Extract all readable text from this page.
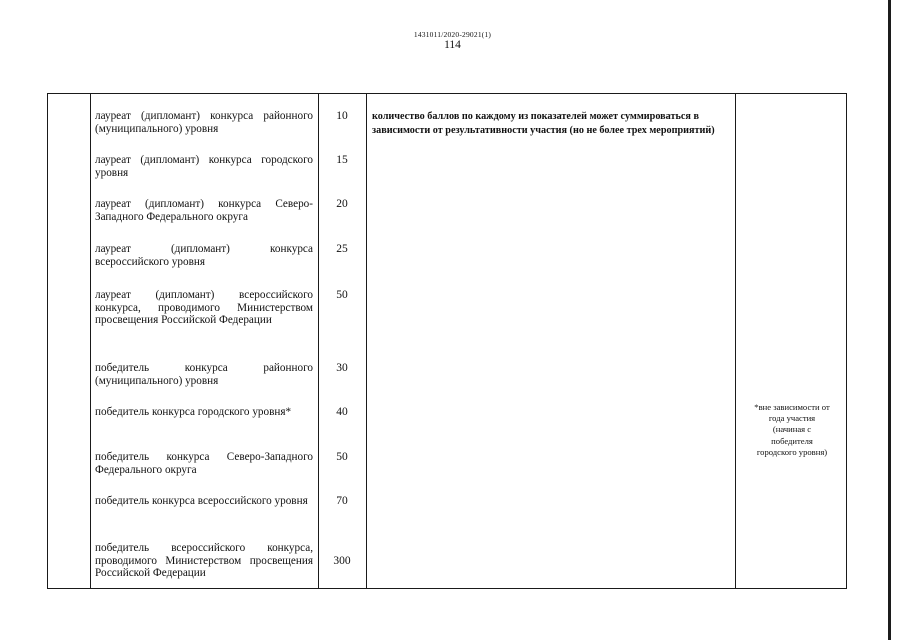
1431011/2020-29021(1)
114
лауреат (дипломант) конкурса районного (муниципального) уровня
10
лауреат (дипломант) конкурса городского уровня
15
лауреат (дипломант) конкурса Северо-Западного Федерального округа
20
лауреат (дипломант) конкурса всероссийского уровня
25
лауреат (дипломант) всероссийского конкурса, проводимого Министерством просвещения Российской Федерации
50
победитель конкурса районного (муниципального) уровня
30
победитель конкурса городского уровня*	40
победитель конкурса Северо-Западного Федерального округа
50
победитель конкурса всероссийского уровня	70
победитель всероссийского конкурса, проводимого Министерством просвещения Российской Федерации
300
количество баллов по каждому из показателей может суммироваться в зависимости от результативности участия (но не более трех мероприятий)
*вне зависимости от
года участия
(начиная с
победителя
городского уровня)
